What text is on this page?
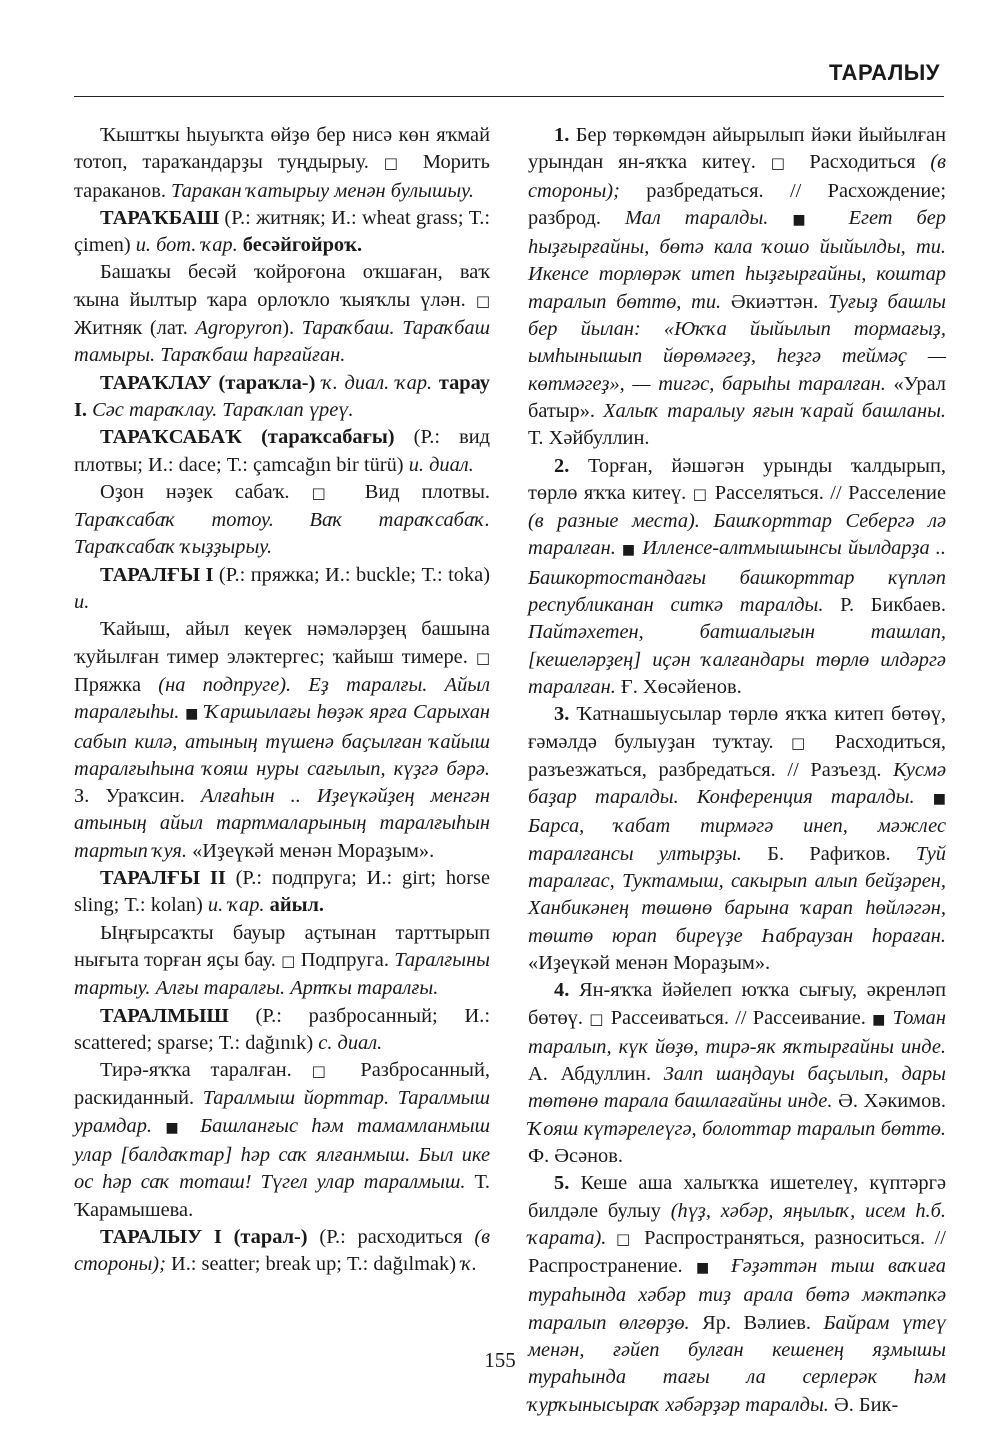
ТАРАЛЫУ

Ҡыштҡы һыуыҡта өйҙө бер нисә көн яҡмай тотоп, тараҡандарҙы туңдырыу. □ Морить тараканов. Таракан ҡатырыу менән булышыу.

ТАРАҠБАШ (Р.: житняк; И.: wheat grass; Т.: çimen) и. бот. ҡар. бесәйгойроҡ.

Башаҡы бесәй ҡойроғона оҡшаған, ваҡ ҡына йылтыр ҡара орлоҡло ҡыяҡлы үлән. □ Житняк (лат. Agropyron). Тараҡбаш. Тараҡбаш тамыры. Тараҡбаш һарғайған.

ТАРАҠЛАУ (тараҡла-) ҡ. диал. ҡар. тарау I. Сәс тараҡлау. Тараҡлап үреү.

ТАРАҠСАБАҠ (тараҡсабағы) (Р.: вид плотвы; И.: dace; Т.: çamcağın bir türü) и. диал.

Оҙон нәҙек сабаҡ. □ Вид плотвы. Тараҡсабаҡ тотоу. Ваҡ тараҡсабаҡ. Тараҡсабаҡ ҡыҙҙырыу.

ТАРАЛҒЫ I (Р.: пряжка; И.: buckle; Т.: toka) и.

Ҡайыш, айыл кеүек нәмәләрҙең башына ҡуйылған тимер эләктергес; ҡайыш тимере. □ Пряжка (на подпруге). Еҙ таралғы. Айыл таралғыһы. ■ Ҡаршылағы һөҙәк ярға Сарыхан сабып килә, атының түшенә баҫылған ҡайыш таралғыһына ҡояш нуры сағылып, күҙгә бәрә. З. Ураҡсин. Алғаһын .. Иҙеүкәйҙең менгән атының айыл тартмаларының таралғыһын тартып ҡуя. «Иҙеүкәй менән Мораҙым».

ТАРАЛҒЫ II (Р.: подпруга; И.: girt; horse sling; Т.: kolan) и. ҡар. айыл.

Ыңғырсаҡты бауыр аҫтынан тарттырып нығыта торған яҫы бау. □ Подпруга. Таралғыны тартыу. Алғы таралғы. Артҡы таралғы.

ТАРАЛМЫШ (Р.: разбросанный; И.: scattered; sparse; Т.: dağınık) с. диал.

Тирә-яҡҡа таралған. □ Разбросанный, раскиданный. Таралмыш йорттар. Таралмыш урамдар. ■ Башланғыс һәм тамамланмыш улар [балдаҡтар] һәр саҡ ялғанмыш. Был ике ос һәр саҡ тоташ! Түгел улар таралмыш. Т. Ҡарамышева.

ТАРАЛЫУ I (тарал-) (Р.: расходиться (в стороны); И.: seatter; break up; Т.: dağılmak) ҡ.

1. Бер төркөмдән айырылып йәки йыйылған урындан ян-яҡҡа китеү. □ Расходиться (в стороны); разбредаться. // Расхождение; разброд. Мал таралды. ■ Егет бер һыҙғырғайны, бөтә кала ҡошо йыйылды, ти. Икенсе торлөрәк итеп һыҙғырғайны, коштар таралып бөттө, ти. Әкиәттән. Туғыҙ башлы бер йылан: «Юҡҡа йыйылып тормағыҙ, ымһынышып йөрөмәгеҙ, һеҙгә теймәҫ — көтмәгеҙ», — тигәс, барыһы таралған. «Урал батыр». Халыҡ таралыу яғын ҡарай башланы. Т. Хәйбуллин.

2. Торған, йәшәгән урынды ҡалдырып, төрлө яҡҡа китеү. □ Расселяться. // Расселение (в разные места). Башҡорттар Себергә лә таралған. ■ Илленсе-алтмышынсы йылдарҙа .. Башкортостандағы башкорттар күпләп республиканан ситкә таралды. Р. Бикбаев. Пайтәхетен, батшалығын ташлап, [кешеләрҙең] иҫән ҡалғандары төрлө илдәргә таралған. Ғ. Хөсәйенов.

3. Ҡатнашыусылар төрлө яҡҡа китеп бөтөү, ғәмәлдә булыуҙан туҡтау. □ Расходиться, разъезжаться, разбредаться. // Разъезд. Кусмә баҙар таралды. Конференция таралды. ■ Барса, ҡабат тирмәгә инеп, мәжлес таралғансы ултырҙы. Б. Рафиҡов. Туй таралғас, Туктамыш, сакырып алып бейҙәрен, Ханбикәнең төшөнө барына ҡарап һөйләгән, төштө юрап биреүҙе Һабраузан һораған. «Иҙеүкәй менән Мораҙым».

4. Ян-яҡҡа йәйелеп юҡҡа сығыу, әкренләп бөтөү. □ Рассеиваться. // Рассеивание. ■ Томан таралып, күк йөҙө, тирә-як яҡтырғайны инде. А. Абдуллин. Залп шаңдауы баҫылып, дары төтөнө тарала башлағайны инде. Ә. Хәкимов. Ҡояш күтәрелеүгә, болоттар таралып бөттө. Ф. Әсәнов.

5. Кеше аша халыҡҡа ишетелеү, күптәргә билдәле булыу (һүҙ, хәбәр, яңылыҡ, исем һ.б. ҡарата). □ Распространяться, разноситься. // Распространение. ■ Ғәҙәттән тыш ваҡиға тураһында хәбәр тиҙ арала бөтә мәктәпкә таралып өлгөрҙө. Яр. Вәлиев. Байрам үтеү менән, ғәйеп булған кешенең яҙмышы тураһында тағы ла серлерәк һәм ҡурҡынысыраҡ хәбәрҙәр таралды. Ә. Бик-

155
